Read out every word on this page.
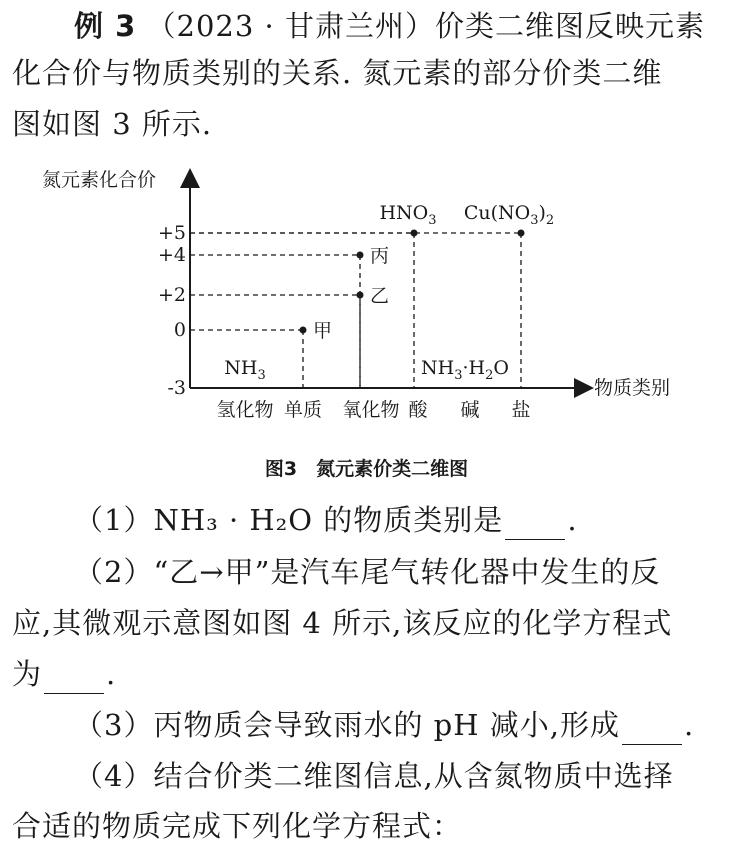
例 3 （2023 · 甘肃兰州）价类二维图反映元素
化合价与物质类别的关系. 氮元素的部分价类二维
图如图 3 所示.
氮元素化合价
物质类别
+5
+4
+2
0
-3
氢化物 单质 氧化物 酸 碱 盐
甲
乙
丙
$HNO_3$ $Cu(NO_3)_2$
$NH_3$	$NH_3\cdot H_2O$
图3　氮元素价类二维图
（1）NH₃ · H₂O 的物质类别是 .
（2）“乙→甲”是汽车尾气转化器中发生的反
应,其微观示意图如图 4 所示,该反应的化学方程式
为 .
（3）丙物质会导致雨水的 pH 减小,形成 .
（4）结合价类二维图信息,从含氮物质中选择
合适的物质完成下列化学方程式：
